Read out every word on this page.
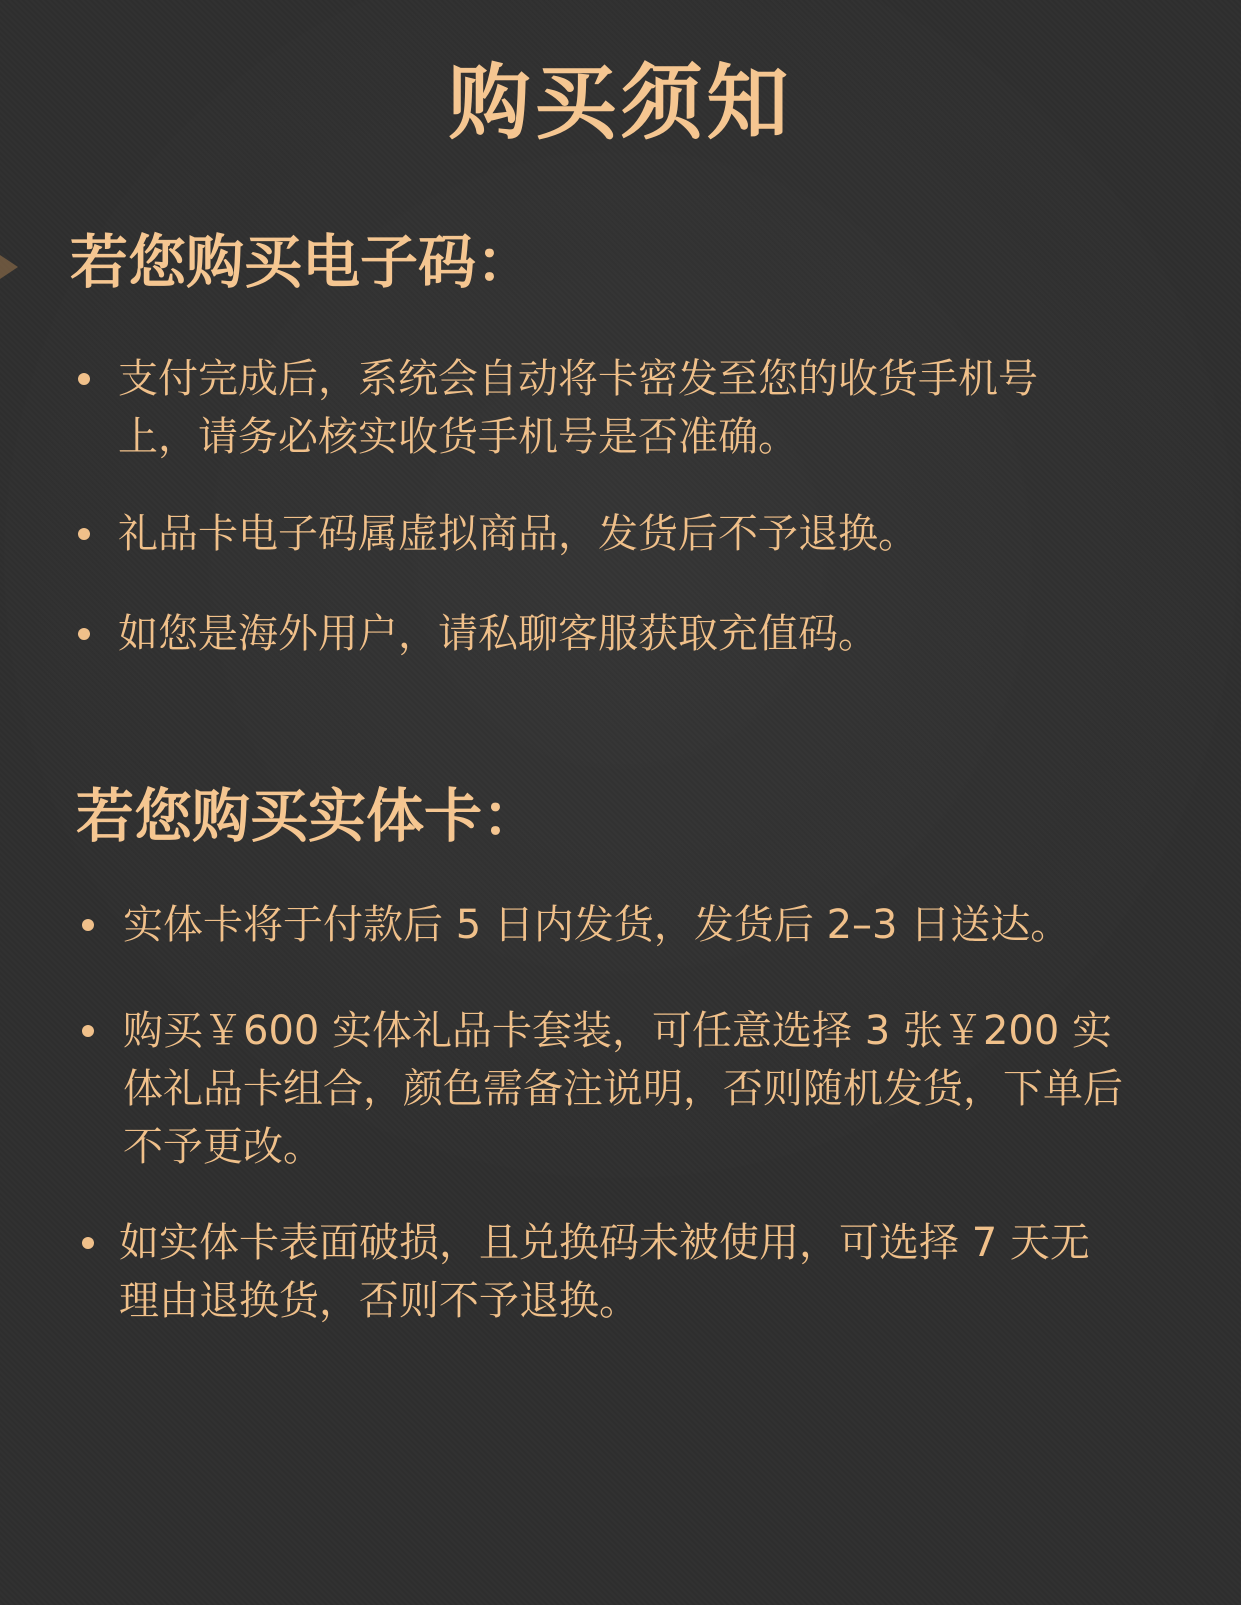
购买须知
若您购买电子码：
支付完成后，系统会自动将卡密发至您的收货手机号上，请务必核实收货手机号是否准确。
礼品卡电子码属虚拟商品，发货后不予退换。
如您是海外用户，请私聊客服获取充值码。
若您购买实体卡：
实体卡将于付款后 5 日内发货，发货后 2–3 日送达。
购买￥600 实体礼品卡套装，可任意选择 3 张￥200 实体礼品卡组合，颜色需备注说明，否则随机发货，下单后不予更改。
如实体卡表面破损，且兑换码未被使用，可选择 7 天无理由退换货，否则不予退换。
